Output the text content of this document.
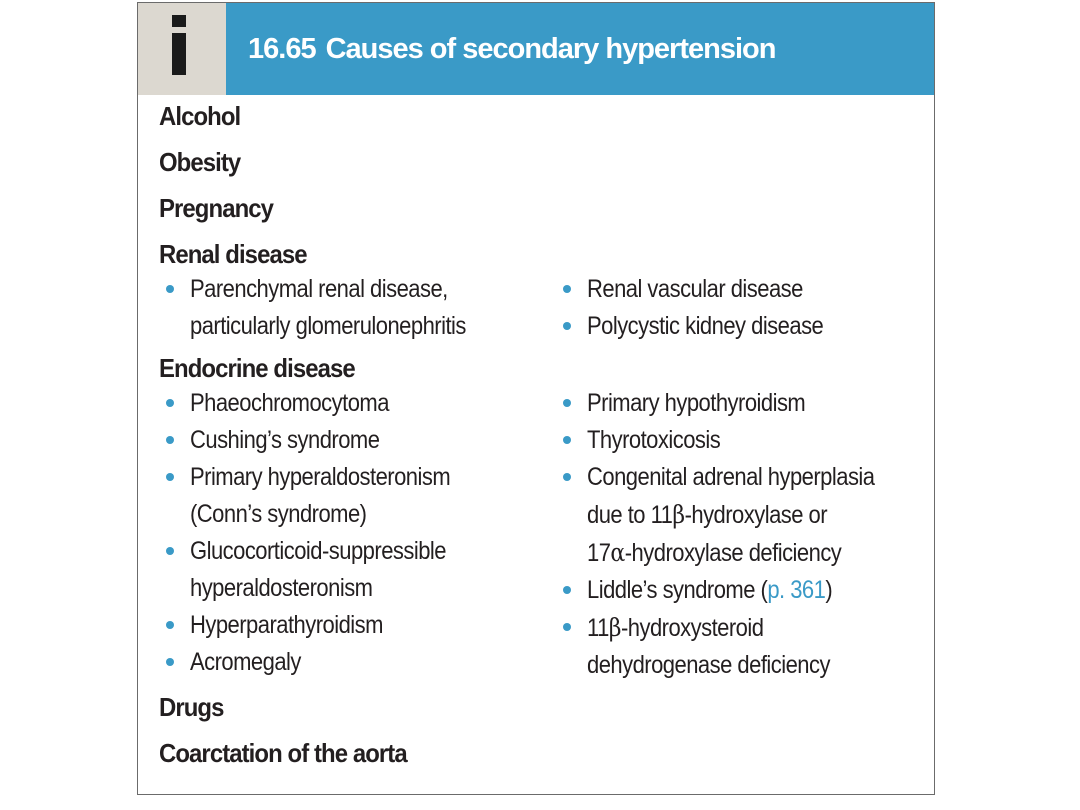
16.65 Causes of secondary hypertension
Alcohol
Obesity
Pregnancy
Renal disease
Parenchymal renal disease,
particularly glomerulonephritis
Renal vascular disease
Polycystic kidney disease
Endocrine disease
Phaeochromocytoma
Cushing’s syndrome
Primary hyperaldosteronism
(Conn’s syndrome)
Glucocorticoid-suppressible
hyperaldosteronism
Hyperparathyroidism
Acromegaly
Primary hypothyroidism
Thyrotoxicosis
Congenital adrenal hyperplasia
due to 11β-hydroxylase or
17α-hydroxylase deficiency
Liddle’s syndrome (p. 361)
11β-hydroxysteroid
dehydrogenase deficiency
Drugs
Coarctation of the aorta
